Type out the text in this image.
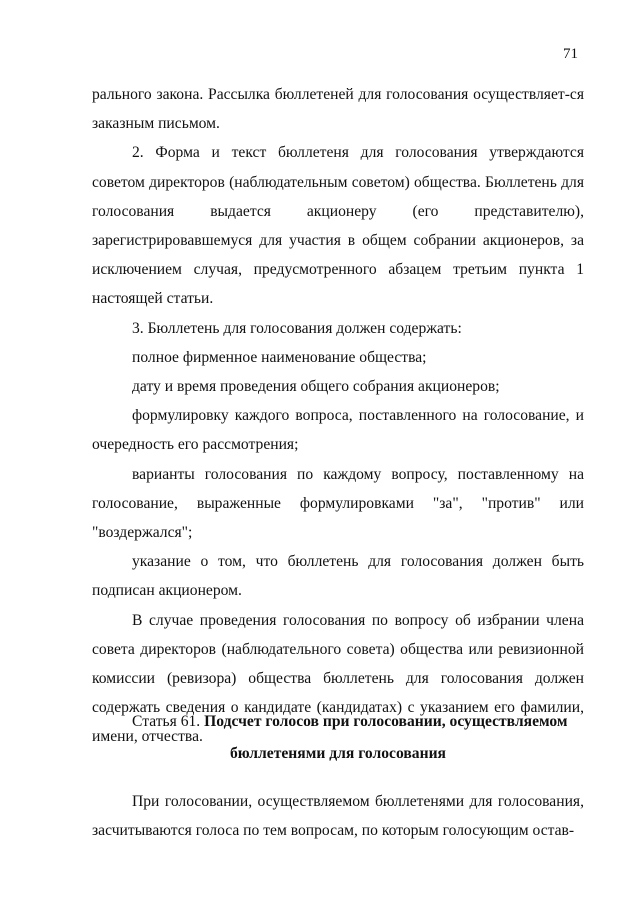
71

рального закона. Рассылка бюллетеней для голосования осуществляет-ся заказным письмом.

2. Форма и текст бюллетеня для голосования утверждаются советом директоров (наблюдательным советом) общества. Бюллетень для голосования выдается акционеру (его представителю), зарегистрировавшемуся для участия в общем собрании акционеров, за исключением случая, предусмотренного абзацем третьим пункта 1 настоящей статьи.

3. Бюллетень для голосования должен содержать:

полное фирменное наименование общества;

дату и время проведения общего собрания акционеров;

формулировку каждого вопроса, поставленного на голосование, и очередность его рассмотрения;

варианты голосования по каждому вопросу, поставленному на голосование, выраженные формулировками "за", "против" или "воздержался";

указание о том, что бюллетень для голосования должен быть подписан акционером.

В случае проведения голосования по вопросу об избрании члена совета директоров (наблюдательного совета) общества или ревизионной комиссии (ревизора) общества бюллетень для голосования должен содержать сведения о кандидате (кандидатах) с указанием его фамилии, имени, отчества.

Статья 61. Подсчет голосов при голосовании, осуществляемом
бюллетенями для голосования

При голосовании, осуществляемом бюллетенями для голосования, засчитываются голоса по тем вопросам, по которым голосующим остав-
